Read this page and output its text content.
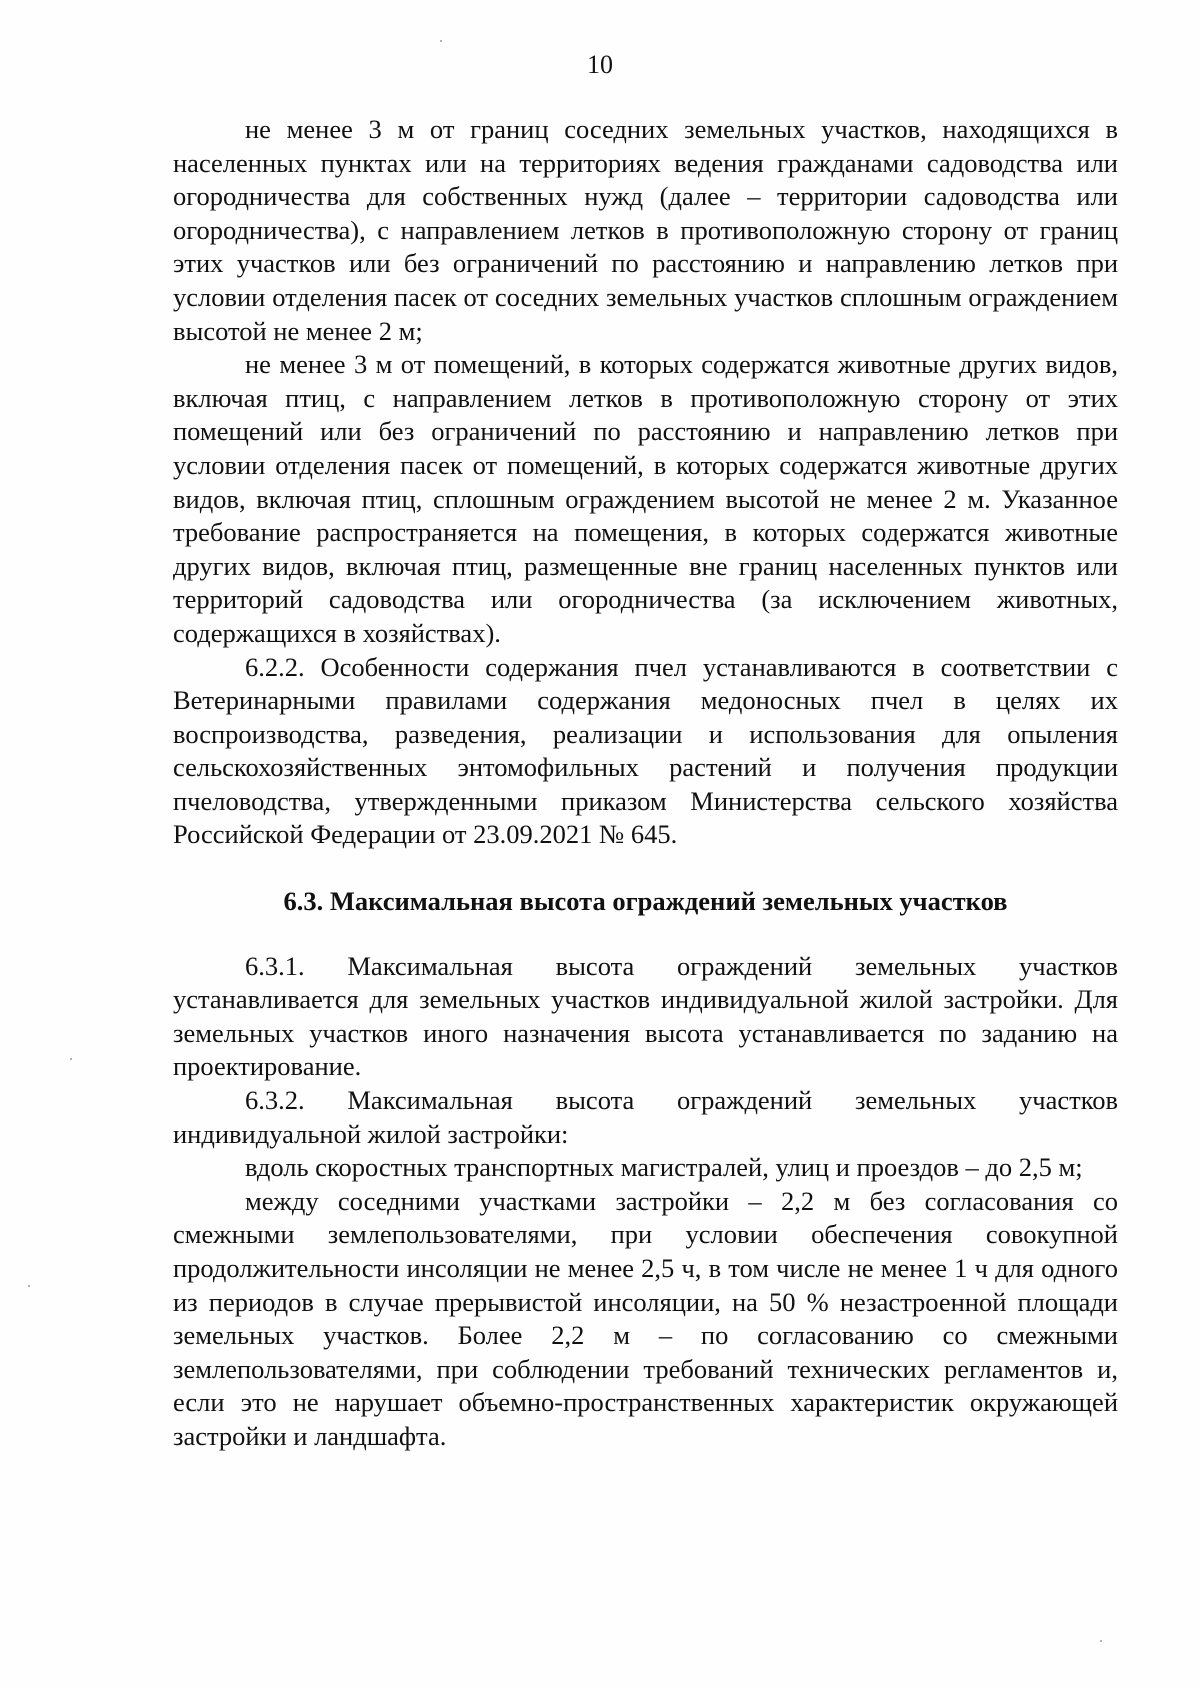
10

не менее 3 м от границ соседних земельных участков, находящихся в населенных пунктах или на территориях ведения гражданами садоводства или огородничества для собственных нужд (далее – территории садоводства или огородничества), с направлением летков в противоположную сторону от границ этих участков или без ограничений по расстоянию и направлению летков при условии отделения пасек от соседних земельных участков сплошным ограждением высотой не менее 2 м;

не менее 3 м от помещений, в которых содержатся животные других видов, включая птиц, с направлением летков в противоположную сторону от этих помещений или без ограничений по расстоянию и направлению летков при условии отделения пасек от помещений, в которых содержатся животные других видов, включая птиц, сплошным ограждением высотой не менее 2 м. Указанное требование распространяется на помещения, в которых содержатся животные других видов, включая птиц, размещенные вне границ населенных пунктов или территорий садоводства или огородничества (за исключением животных, содержащихся в хозяйствах).

6.2.2. Особенности содержания пчел устанавливаются в соответствии с Ветеринарными правилами содержания медоносных пчел в целях их воспроизводства, разведения, реализации и использования для опыления сельскохозяйственных энтомофильных растений и получения продукции пчеловодства, утвержденными приказом Министерства сельского хозяйства Российской Федерации от 23.09.2021 № 645.

6.3. Максимальная высота ограждений земельных участков

6.3.1. Максимальная высота ограждений земельных участков устанавливается для земельных участков индивидуальной жилой застройки. Для земельных участков иного назначения высота устанавливается по заданию на проектирование.

6.3.2. Максимальная высота ограждений земельных участков индивидуальной жилой застройки:

вдоль скоростных транспортных магистралей, улиц и проездов – до 2,5 м;

между соседними участками застройки – 2,2 м без согласования со смежными землепользователями, при условии обеспечения совокупной продолжительности инсоляции не менее 2,5 ч, в том числе не менее 1 ч для одного из периодов в случае прерывистой инсоляции, на 50 % незастроенной площади земельных участков. Более 2,2 м – по согласованию со смежными землепользователями, при соблюдении требований технических регламентов и, если это не нарушает объемно-пространственных характеристик окружающей застройки и ландшафта.
